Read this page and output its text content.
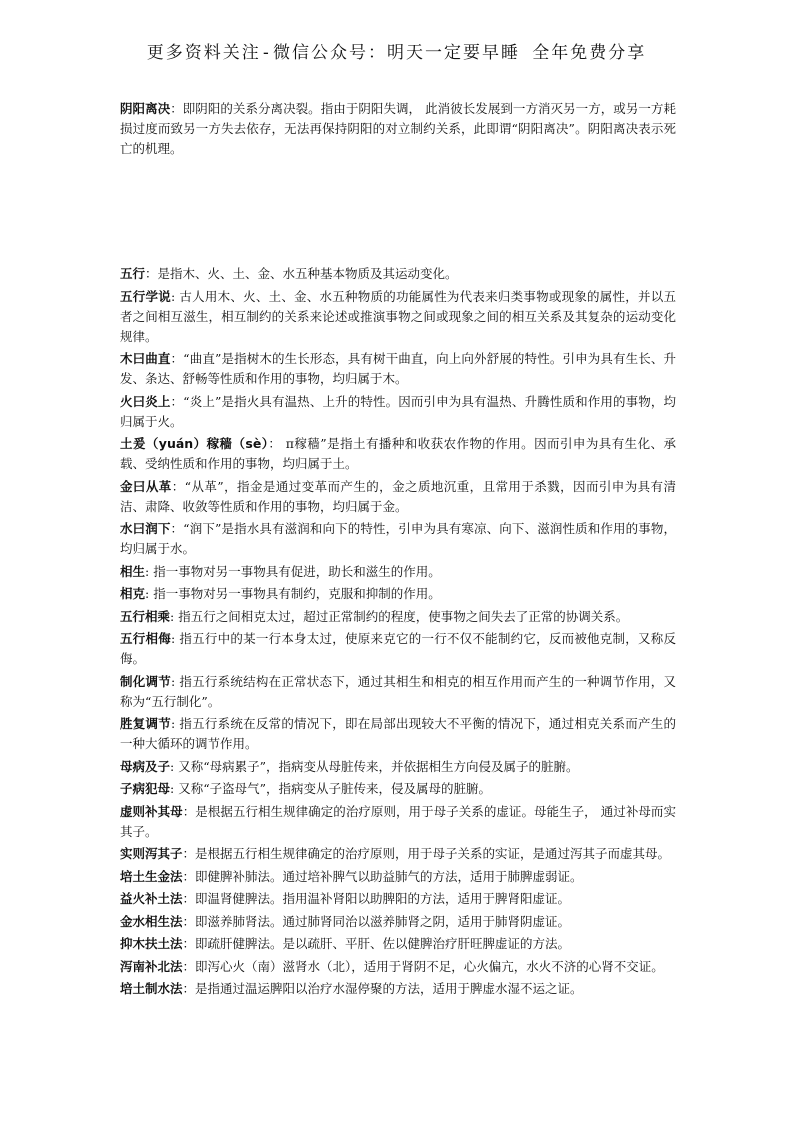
更多资料关注-微信公众号：明天一定要早睡 全年免费分享

阴阳离决：即阴阳的关系分离决裂。指由于阴阳失调， 此消彼长发展到一方消灭另一方，或另一方耗损过度而致另一方失去依存，无法再保持阴阳的对立制约关系，此即谓“阴阳离决”。阴阳离决表示死亡的机理。

五行：是指木、火、土、金、水五种基本物质及其运动变化。

五行学说: 古人用木、火、土、金、水五种物质的功能属性为代表来归类事物或现象的属性，并以五者之间相互滋生，相互制约的关系来论述或推演事物之间或现象之间的相互关系及其复杂的运动变化规律。

木曰曲直：“曲直”是指树木的生长形态，具有树干曲直，向上向外舒展的特性。引申为具有生长、升发、条达、舒畅等性质和作用的事物，均归属于木。

火曰炎上：“炎上”是指火具有温热、上升的特性。因而引申为具有温热、升腾性质和作用的事物，均归属于火。

土爰（yuán）稼穑（sè）： π稼穑”是指土有播种和收获农作物的作用。因而引申为具有生化、承载、受纳性质和作用的事物，均归属于土。

金曰从革：“从革”，指金是通过变革而产生的，金之质地沉重，且常用于杀戮，因而引申为具有清洁、肃降、收敛等性质和作用的事物，均归属于金。

水曰润下：“润下”是指水具有滋润和向下的特性，引申为具有寒凉、向下、滋润性质和作用的事物，均归属于水。

相生: 指一事物对另一事物具有促进，助长和滋生的作用。

相克: 指一事物对另一事物具有制约，克服和抑制的作用。

五行相乘: 指五行之间相克太过，超过正常制约的程度，使事物之间失去了正常的协调关系。

五行相侮: 指五行中的某一行本身太过，使原来克它的一行不仅不能制约它，反而被他克制，又称反侮。

制化调节: 指五行系统结构在正常状态下，通过其相生和相克的相互作用而产生的一种调节作用，又称为“五行制化”。

胜复调节: 指五行系统在反常的情况下，即在局部出现较大不平衡的情况下，通过相克关系而产生的一种大循环的调节作用。

母病及子: 又称“母病累子”，指病变从母脏传来，并依据相生方向侵及属子的脏腑。

子病犯母: 又称“子盗母气”，指病变从子脏传来，侵及属母的脏腑。

虚则补其母：是根据五行相生规律确定的治疗原则，用于母子关系的虚证。母能生子， 通过补母而实其子。

实则泻其子：是根据五行相生规律确定的治疗原则，用于母子关系的实证，是通过泻其子而虚其母。

培土生金法：即健脾补肺法。通过培补脾气以助益肺气的方法，适用于肺脾虚弱证。

益火补土法：即温肾健脾法。指用温补肾阳以助脾阳的方法，适用于脾肾阳虚证。

金水相生法：即滋养肺肾法。通过肺肾同治以滋养肺肾之阴，适用于肺肾阴虚证。

抑木扶土法：即疏肝健脾法。是以疏肝、平肝、佐以健脾治疗肝旺脾虚证的方法。

泻南补北法：即泻心火（南）滋肾水（北），适用于肾阴不足，心火偏亢，水火不济的心肾不交证。

培土制水法：是指通过温运脾阳以治疗水湿停聚的方法，适用于脾虚水湿不运之证。
